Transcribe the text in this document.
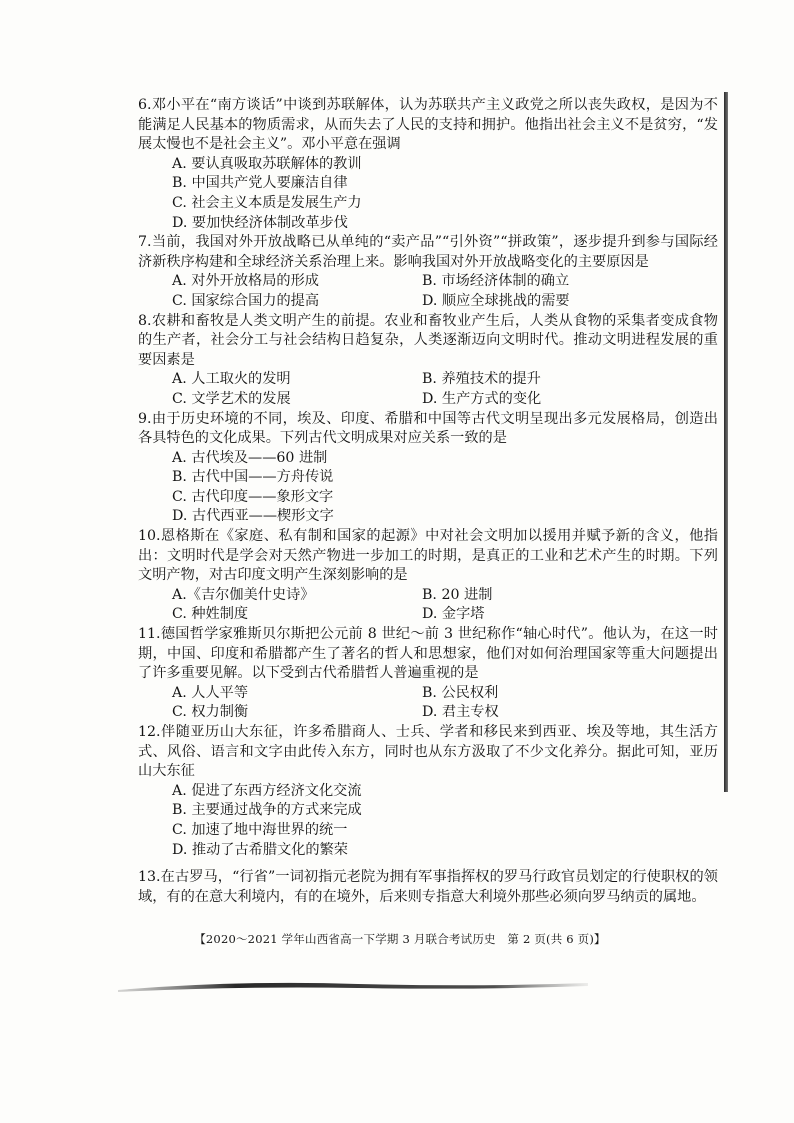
6.邓小平在“南方谈话”中谈到苏联解体，认为苏联共产主义政党之所以丧失政权，是因为不能满足人民基本的物质需求，从而失去了人民的支持和拥护。他指出社会主义不是贫穷，“发展太慢也不是社会主义”。邓小平意在强调
A. 要认真吸取苏联解体的教训
B. 中国共产党人要廉洁自律
C. 社会主义本质是发展生产力
D. 要加快经济体制改革步伐
7.当前，我国对外开放战略已从单纯的“卖产品”“引外资”“拼政策”，逐步提升到参与国际经济新秩序构建和全球经济关系治理上来。影响我国对外开放战略变化的主要原因是
A. 对外开放格局的形成	B. 市场经济体制的确立
C. 国家综合国力的提高	D. 顺应全球挑战的需要
8.农耕和畜牧是人类文明产生的前提。农业和畜牧业产生后，人类从食物的采集者变成食物的生产者，社会分工与社会结构日趋复杂，人类逐渐迈向文明时代。推动文明进程发展的重要因素是
A. 人工取火的发明	B. 养殖技术的提升
C. 文学艺术的发展	D. 生产方式的变化
9.由于历史环境的不同，埃及、印度、希腊和中国等古代文明呈现出多元发展格局，创造出各具特色的文化成果。下列古代文明成果对应关系一致的是
A. 古代埃及——60 进制
B. 古代中国——方舟传说
C. 古代印度——象形文字
D. 古代西亚——楔形文字
10.恩格斯在《家庭、私有制和国家的起源》中对社会文明加以援用并赋予新的含义，他指出：文明时代是学会对天然产物进一步加工的时期，是真正的工业和艺术产生的时期。下列文明产物，对古印度文明产生深刻影响的是
A.《吉尔伽美什史诗》	B. 20 进制
C. 种姓制度	D. 金字塔
11.德国哲学家雅斯贝尔斯把公元前 8 世纪～前 3 世纪称作“轴心时代”。他认为，在这一时期，中国、印度和希腊都产生了著名的哲人和思想家，他们对如何治理国家等重大问题提出了许多重要见解。以下受到古代希腊哲人普遍重视的是
A. 人人平等	B. 公民权利
C. 权力制衡	D. 君主专权
12.伴随亚历山大东征，许多希腊商人、士兵、学者和移民来到西亚、埃及等地，其生活方式、风俗、语言和文字由此传入东方，同时也从东方汲取了不少文化养分。据此可知，亚历山大东征
A. 促进了东西方经济文化交流
B. 主要通过战争的方式来完成
C. 加速了地中海世界的统一
D. 推动了古希腊文化的繁荣
13.在古罗马，“行省”一词初指元老院为拥有军事指挥权的罗马行政官员划定的行使职权的领域，有的在意大利境内，有的在境外，后来则专指意大利境外那些必须向罗马纳贡的属地。
【2020～2021 学年山西省高一下学期 3 月联合考试历史　第 2 页(共 6 页)】
